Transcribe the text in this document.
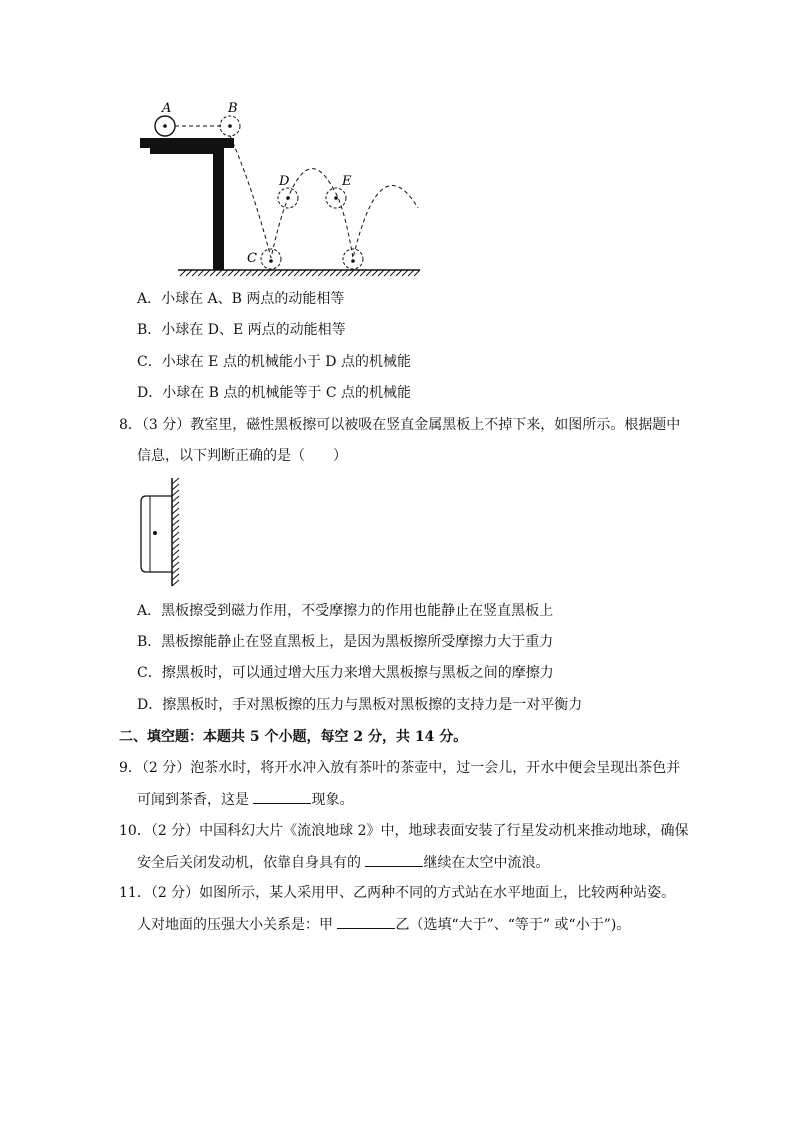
A	B
C
D	E
A．小球在 A、B 两点的动能相等
B．小球在 D、E 两点的动能相等
C．小球在 E 点的机械能小于 D 点的机械能
D．小球在 B 点的机械能等于 C 点的机械能
8．（3 分）教室里，磁性黑板擦可以被吸在竖直金属黑板上不掉下来，如图所示。根据题中
信息，以下判断正确的是（　　）
A．黑板擦受到磁力作用，不受摩擦力的作用也能静止在竖直黑板上
B．黑板擦能静止在竖直黑板上，是因为黑板擦所受摩擦力大于重力
C．擦黑板时，可以通过增大压力来增大黑板擦与黑板之间的摩擦力
D．擦黑板时，手对黑板擦的压力与黑板对黑板擦的支持力是一对平衡力
二、填空题：本题共 5 个小题，每空 2 分，共 14 分。
9．（2 分）泡茶水时，将开水冲入放有茶叶的茶壶中，过一会儿，开水中便会呈现出茶色并
可闻到茶香，这是	现象。
10．（2 分）中国科幻大片《流浪地球 2》中，地球表面安装了行星发动机来推动地球，确保
安全后关闭发动机，依靠自身具有的	继续在太空中流浪。
11．（2 分）如图所示，某人采用甲、乙两种不同的方式站在水平地面上，比较两种站姿。
人对地面的压强大小关系是：甲	乙（选填“大于”、“等于” 或“小于”)。
